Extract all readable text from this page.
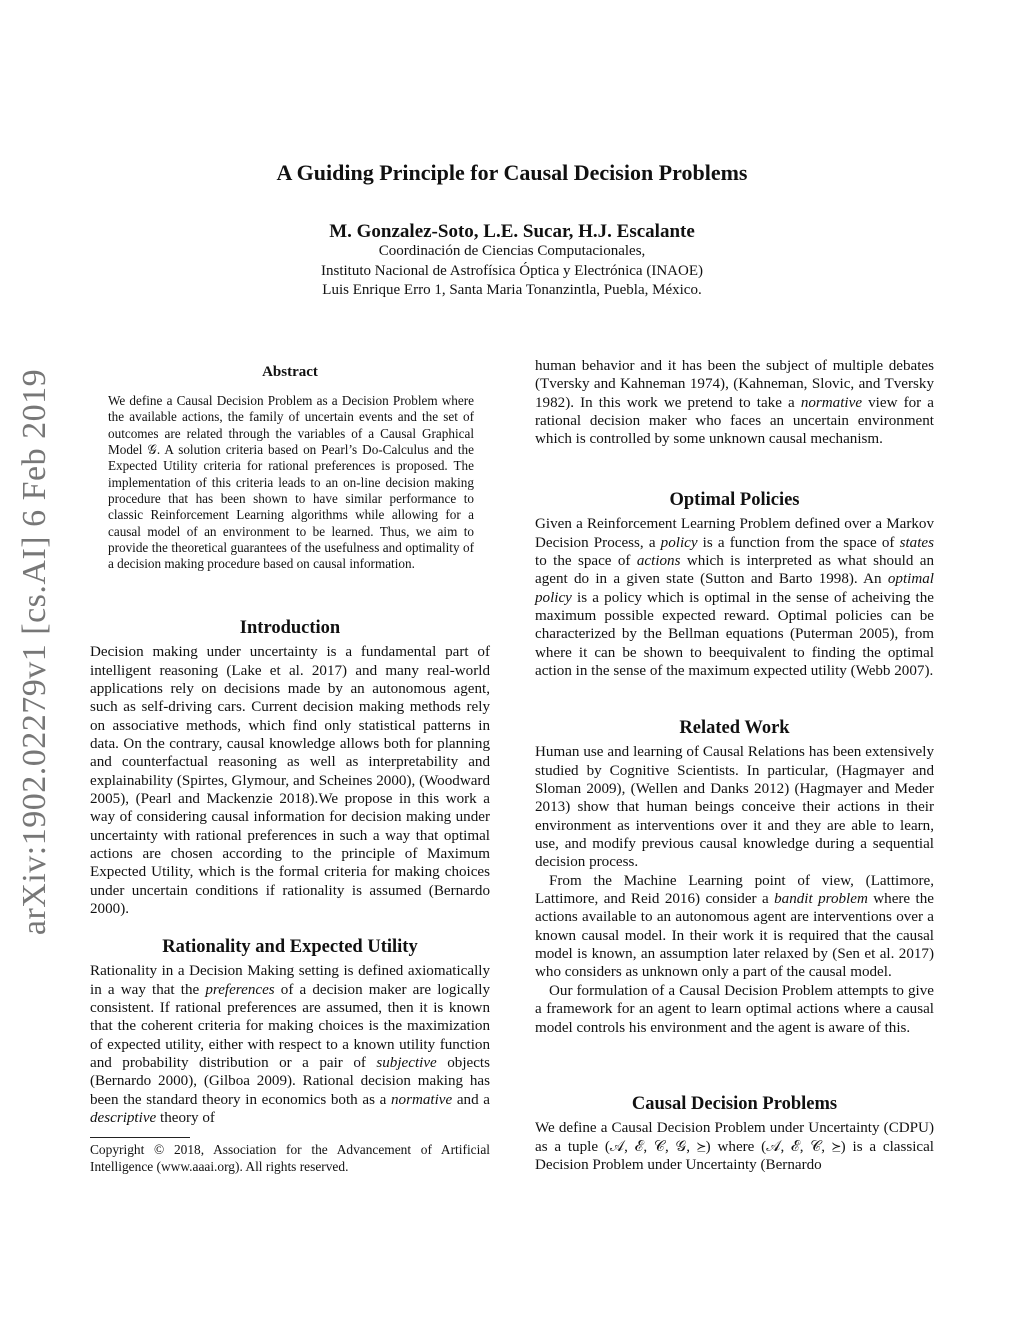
arXiv:1902.02279v1 [cs.AI] 6 Feb 2019
A Guiding Principle for Causal Decision Problems
M. Gonzalez-Soto, L.E. Sucar, H.J. Escalante
Coordinación de Ciencias Computacionales,
Instituto Nacional de Astrofísica Óptica y Electrónica (INAOE)
Luis Enrique Erro 1, Santa Maria Tonanzintla, Puebla, México.
Abstract

We define a Causal Decision Problem as a Decision Problem where the available actions, the family of uncertain events and the set of outcomes are related through the variables of a Causal Graphical Model 𝒢. A solution criteria based on Pearl’s Do-Calculus and the Expected Utility criteria for rational preferences is proposed. The implementation of this criteria leads to an on-line decision making procedure that has been shown to have similar performance to classic Reinforcement Learning algorithms while allowing for a causal model of an environment to be learned. Thus, we aim to provide the theoretical guarantees of the usefulness and optimality of a decision making procedure based on causal information.

Introduction

Decision making under uncertainty is a fundamental part of intelligent reasoning (Lake et al. 2017) and many real-world applications rely on decisions made by an autonomous agent, such as self-driving cars. Current decision making methods rely on associative methods, which find only statistical patterns in data. On the contrary, causal knowledge allows both for planning and counterfactual reasoning as well as interpretability and explainability (Spirtes, Glymour, and Scheines 2000), (Woodward 2005), (Pearl and Mackenzie 2018).We propose in this work a way of considering causal information for decision making under uncertainty with rational preferences in such a way that optimal actions are chosen according to the principle of Maximum Expected Utility, which is the formal criteria for making choices under uncertain conditions if rationality is assumed (Bernardo 2000).

Rationality and Expected Utility

Rationality in a Decision Making setting is defined axiomatically in a way that the preferences of a decision maker are logically consistent. If rational preferences are assumed, then it is known that the coherent criteria for making choices is the maximization of expected utility, either with respect to a known utility function and probability distribution or a pair of subjective objects (Bernardo 2000), (Gilboa 2009). Rational decision making has been the standard theory in economics both as a normative and a descriptive theory of

Copyright © 2018, Association for the Advancement of Artificial Intelligence (www.aaai.org). All rights reserved.

human behavior and it has been the subject of multiple debates (Tversky and Kahneman 1974), (Kahneman, Slovic, and Tversky 1982). In this work we pretend to take a normative view for a rational decision maker who faces an uncertain environment which is controlled by some unknown causal mechanism.

Optimal Policies

Given a Reinforcement Learning Problem defined over a Markov Decision Process, a policy is a function from the space of states to the space of actions which is interpreted as what should an agent do in a given state (Sutton and Barto 1998). An optimal policy is a policy which is optimal in the sense of acheiving the maximum possible expected reward. Optimal policies can be characterized by the Bellman equations (Puterman 2005), from where it can be shown to beequivalent to finding the optimal action in the sense of the maximum expected utility (Webb 2007).

Related Work

Human use and learning of Causal Relations has been extensively studied by Cognitive Scientists. In particular, (Hagmayer and Sloman 2009), (Wellen and Danks 2012) (Hagmayer and Meder 2013) show that human beings conceive their actions in their environment as interventions over it and they are able to learn, use, and modify previous causal knowledge during a sequential decision process.

From the Machine Learning point of view, (Lattimore, Lattimore, and Reid 2016) consider a bandit problem where the actions available to an autonomous agent are interventions over a known causal model. In their work it is required that the causal model is known, an assumption later relaxed by (Sen et al. 2017) who considers as unknown only a part of the causal model.

Our formulation of a Causal Decision Problem attempts to give a framework for an agent to learn optimal actions where a causal model controls his environment and the agent is aware of this.

Causal Decision Problems

We define a Causal Decision Problem under Uncertainty (CDPU) as a tuple (𝒜, ℰ, 𝒞, 𝒢, ⪰) where (𝒜, ℰ, 𝒞, ⪰) is a classical Decision Problem under Uncertainty (Bernardo
